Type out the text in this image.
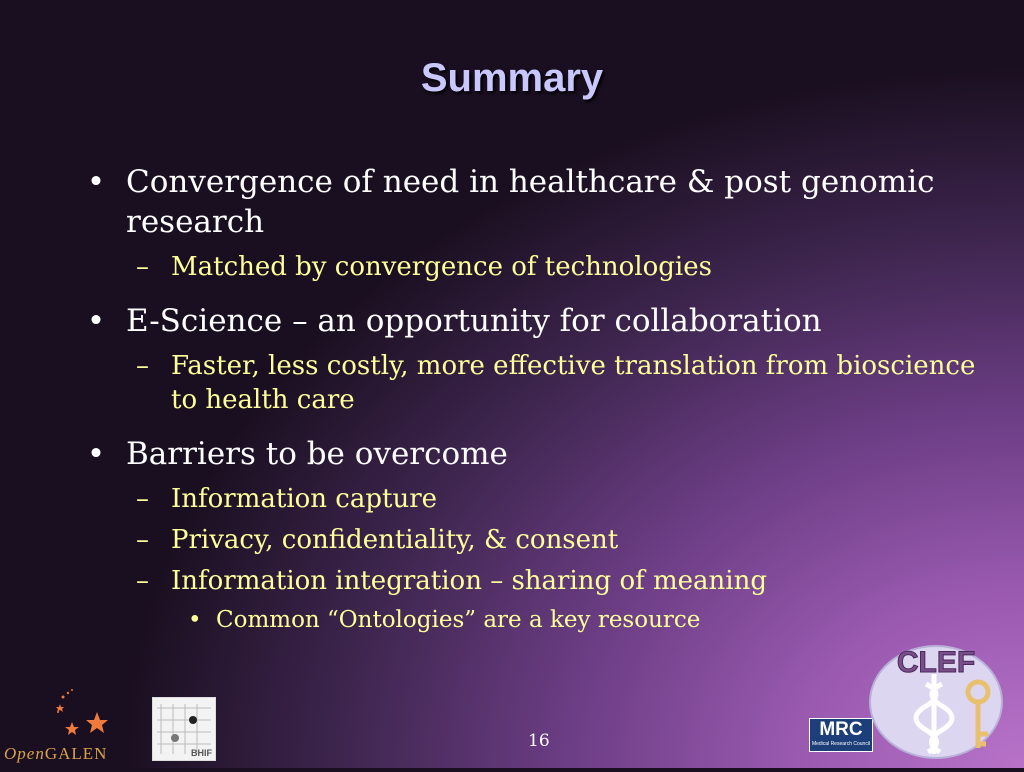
Summary
• Convergence of need in healthcare & post genomic research
– Matched by convergence of technologies
• E-Science – an opportunity for collaboration
– Faster, less costly, more effective translation from bioscience to health care
• Barriers to be overcome
– Information capture
– Privacy, confidentiality, & consent
– Information integration – sharing of meaning
• Common “Ontologies” are a key resource
16
OpenGALEN	BHIF
MRC
Medical Research Council
CLEF
